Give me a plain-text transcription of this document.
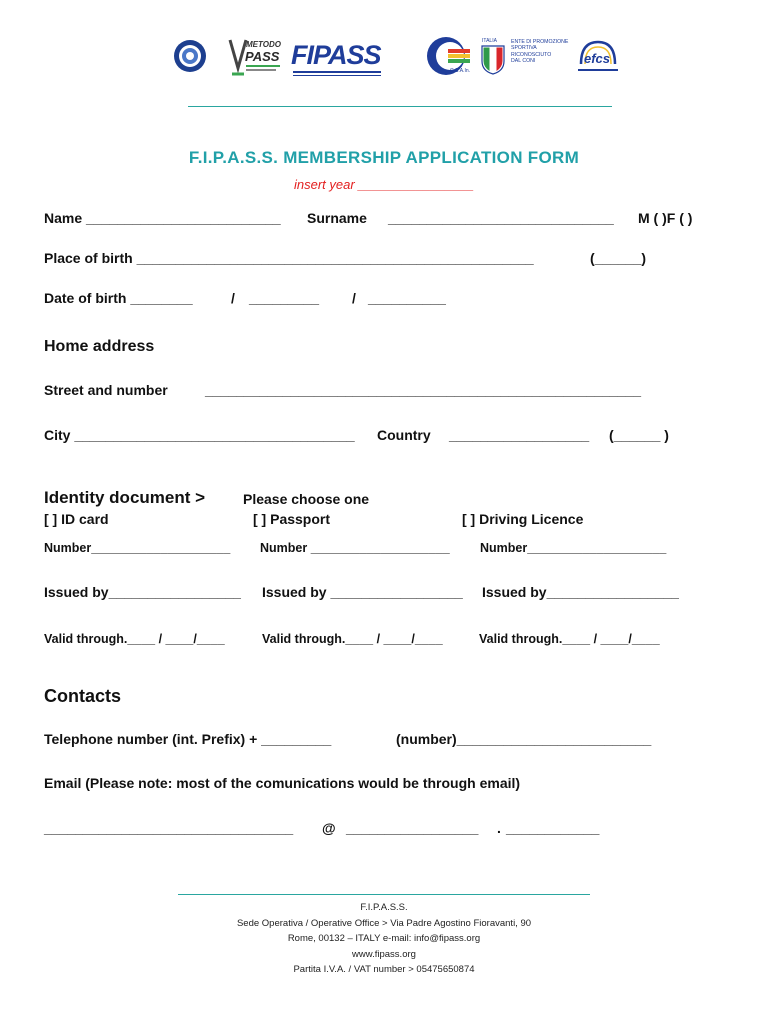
METODO
PASS FIPASS
C.S.A.In.
ITALIA	ENTE DI PROMOZIONE
SPORTIVA
RICONOSCIUTO
DAL CONI	efcs
F.I.P.A.S.S. MEMBERSHIP APPLICATION FORM
insert year ________________
Name _________________________ Surname _____________________________ M ( )F ( )
Place of birth ___________________________________________________	(______)
Date of birth ________	/ _________ / __________
Home address
Street and number	________________________________________________________
City ____________________________________ Country __________________ (______ )
Identity document >	Please choose one
[ ] ID card	[ ] Passport	[ ] Driving Licence
Number____________________ Number ____________________ Number____________________
Issued by_________________ Issued by _________________ Issued by_________________
Valid through.____ / ____/____	Valid through.____ / ____/____	Valid through.____ / ____/____
Contacts
Telephone number (int. Prefix) + _________	(number)_________________________
Email (Please note: most of the comunications would be through email)
________________________________ @ _________________ . ____________
F.I.P.A.S.S.
Sede Operativa / Operative Office > Via Padre Agostino Fioravanti, 90
Rome, 00132 – ITALY e-mail: info@fipass.org
www.fipass.org
Partita I.V.A. / VAT number > 05475650874
